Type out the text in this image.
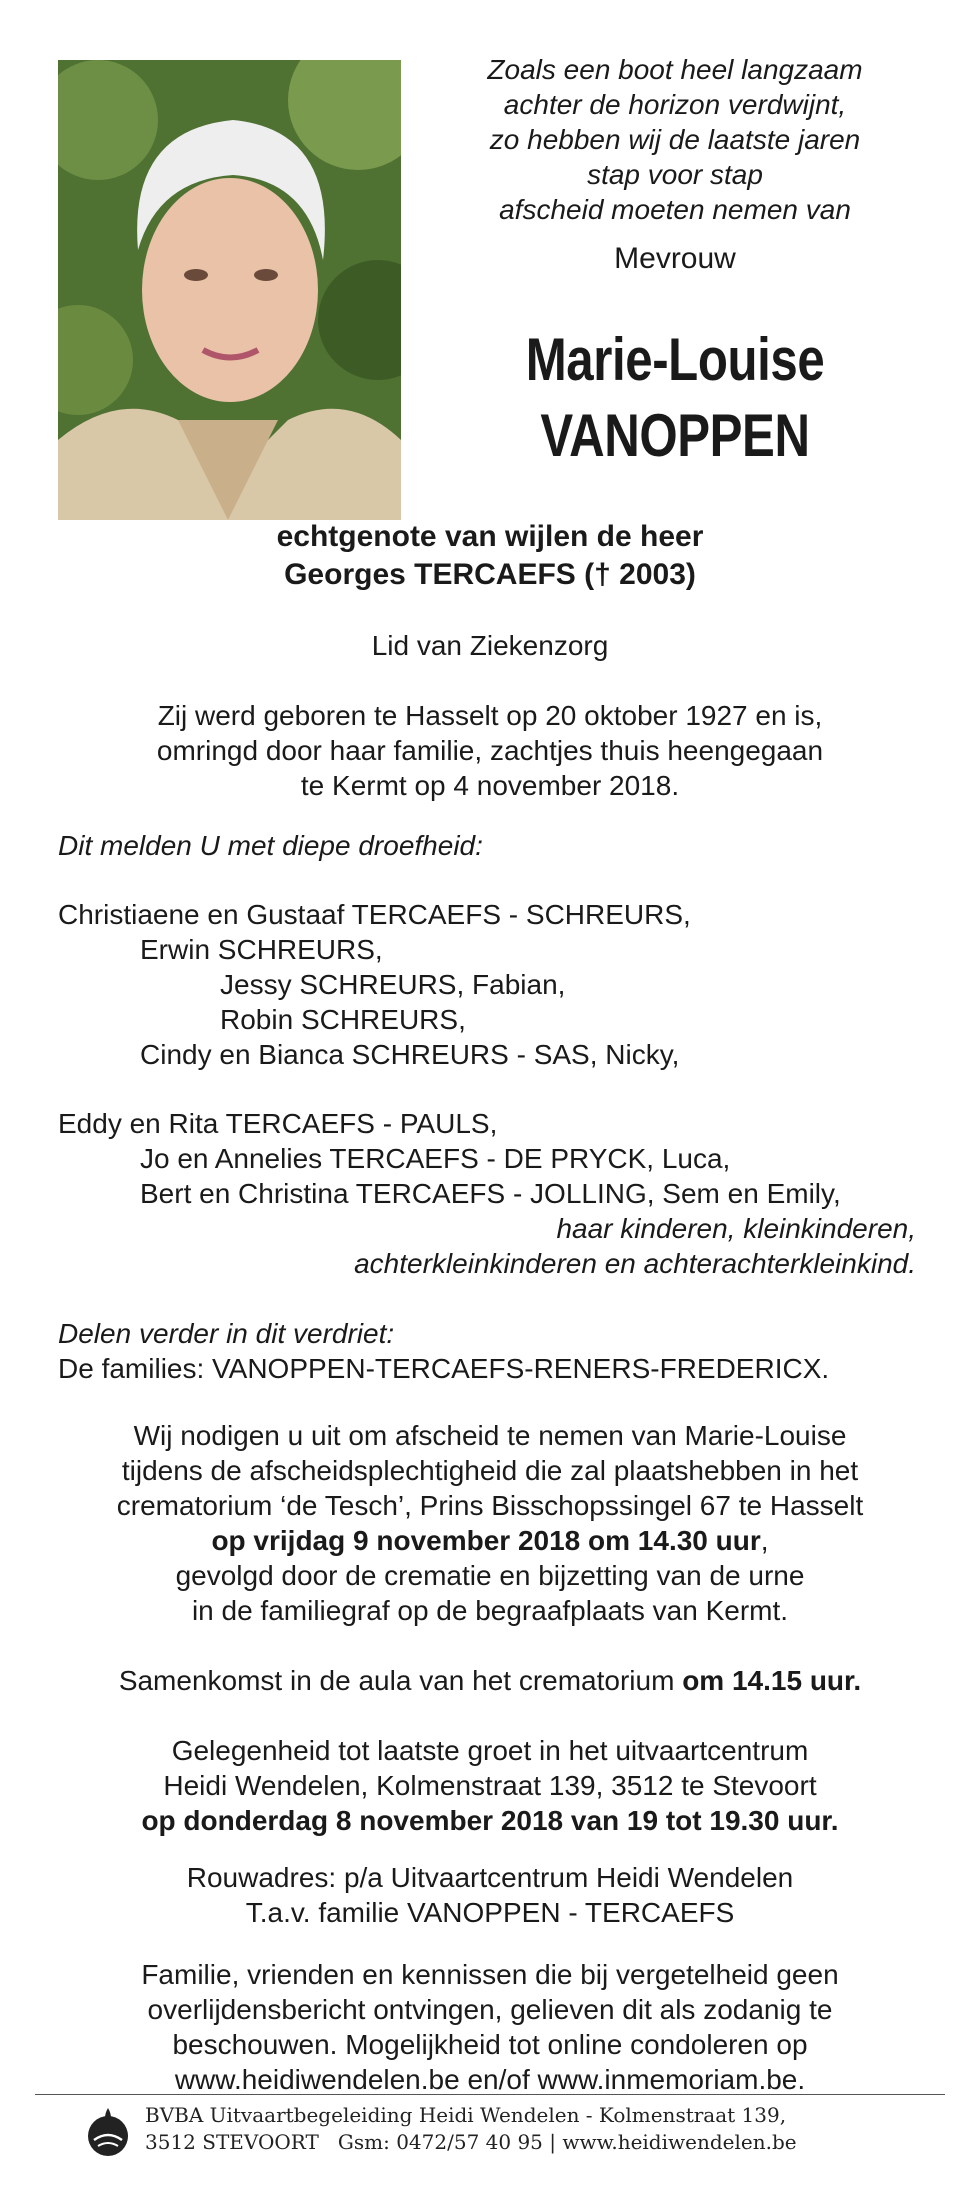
Zoals een boot heel langzaam
achter de horizon verdwijnt,
zo hebben wij de laatste jaren
stap voor stap
afscheid moeten nemen van
Mevrouw
Marie-Louise
VANOPPEN
echtgenote van wijlen de heer
Georges TERCAEFS († 2003)
Lid van Ziekenzorg
Zij werd geboren te Hasselt op 20 oktober 1927 en is,
omringd door haar familie, zachtjes thuis heengegaan
te Kermt op 4 november 2018.
Dit melden U met diepe droefheid:
Christiaene en Gustaaf TERCAEFS - SCHREURS,
Erwin SCHREURS,
Jessy SCHREURS, Fabian,
Robin SCHREURS,
Cindy en Bianca SCHREURS - SAS, Nicky,
Eddy en Rita TERCAEFS - PAULS,
Jo en Annelies TERCAEFS - DE PRYCK, Luca,
Bert en Christina TERCAEFS - JOLLING, Sem en Emily,
haar kinderen, kleinkinderen,
achterkleinkinderen en achterachterkleinkind.
Delen verder in dit verdriet:
De families: VANOPPEN-TERCAEFS-RENERS-FREDERICX.
Wij nodigen u uit om afscheid te nemen van Marie-Louise
tijdens de afscheidsplechtigheid die zal plaatshebben in het
crematorium ‘de Tesch’, Prins Bisschopssingel 67 te Hasselt
op vrijdag 9 november 2018 om 14.30 uur,
gevolgd door de crematie en bijzetting van de urne
in de familiegraf op de begraafplaats van Kermt.
Samenkomst in de aula van het crematorium om 14.15 uur.
Gelegenheid tot laatste groet in het uitvaartcentrum
Heidi Wendelen, Kolmenstraat 139, 3512 te Stevoort
op donderdag 8 november 2018 van 19 tot 19.30 uur.
Rouwadres: p/a Uitvaartcentrum Heidi Wendelen
T.a.v. familie VANOPPEN - TERCAEFS
Familie, vrienden en kennissen die bij vergetelheid geen
overlijdensbericht ontvingen, gelieven dit als zodanig te
beschouwen. Mogelijkheid tot online condoleren op
www.heidiwendelen.be en/of www.inmemoriam.be.
BVBA Uitvaartbegeleiding Heidi Wendelen - Kolmenstraat 139,
3512 STEVOORT   Gsm: 0472/57 40 95 | www.heidiwendelen.be
